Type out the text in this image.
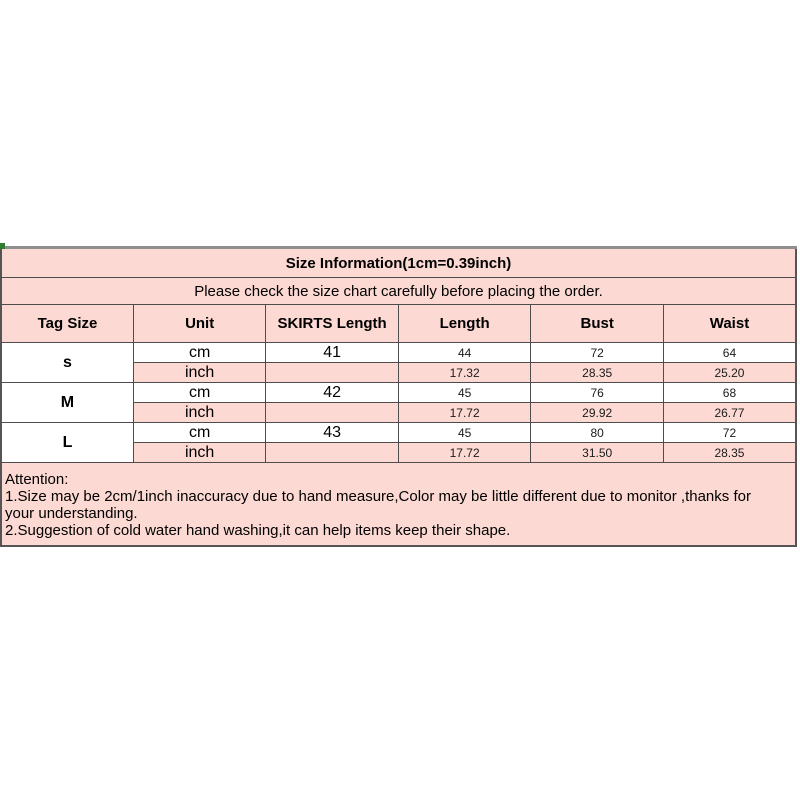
Size Information(1cm=0.39inch)					
Please check the size chart carefully before placing the order.					
Tag Size	Unit	SKIRTS Length	Length	Bust	Waist
s	cm	41	44	72	64
	inch		17.32	28.35	25.20
M	cm	42	45	76	68
	inch		17.72	29.92	26.77
L	cm	43	45	80	72
	inch		17.72	31.50	28.35

Attention:
1.Size may be 2cm/1inch inaccuracy due to hand measure,Color may be little different due to monitor ,thanks for your understanding.
2.Suggestion of cold water hand washing,it can help items keep their shape.					
